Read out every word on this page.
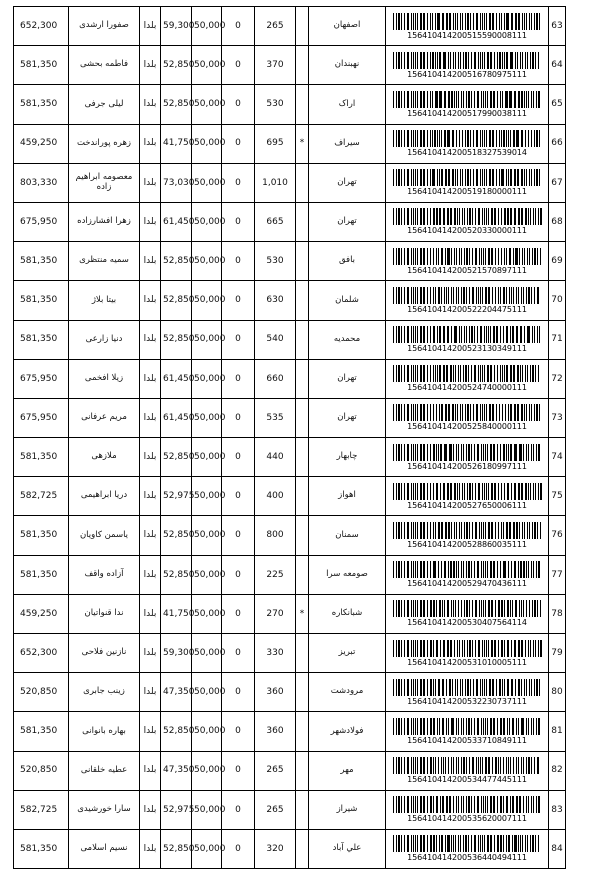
652,300	صفورا ارشدی	بلدا	59,300	50,000	0	265		اصفهان	156410414200515590008111	63
581,350	فاطمه بحشی	بلدا	52,850	50,000	0	370		نهبندان	156410414200516780975111	64
581,350	لیلی جرفی	بلدا	52,850	50,000	0	530		اراک	156410414200517990038111	65
459,250	زهره پوراندخت	بلدا	41,750	50,000	0	695	*	سیراف	156410414200518327539014	66
803,330	معصومه ابراهیم زاده	بلدا	73,030	50,000	0	1,010		تهران	156410414200519180000111	67
675,950	زهرا افشارزاده	بلدا	61,450	50,000	0	665		تهران	156410414200520330000111	68
581,350	سمیه منتظری	بلدا	52,850	50,000	0	530		بافق	156410414200521570897111	69
581,350	بیتا بلاژ	بلدا	52,850	50,000	0	630		شلمان	156410414200522204475111	70
581,350	دنیا زارعی	بلدا	52,850	50,000	0	540		محمدیه	156410414200523130349111	71
675,950	زیلا افخمی	بلدا	61,450	50,000	0	660		تهران	156410414200524740000111	72
675,950	مریم عرفانی	بلدا	61,450	50,000	0	535		تهران	156410414200525840000111	73
581,350	ملازهی	بلدا	52,850	50,000	0	440		چابهار	156410414200526180997111	74
582,725	دریا ابراهیمی	بلدا	52,975	50,000	0	400		اهواز	156410414200527650006111	75
581,350	یاسمن کاویان	بلدا	52,850	50,000	0	800		سمنان	156410414200528860035111	76
581,350	آزاده واقف	بلدا	52,850	50,000	0	225		صومعه سرا	156410414200529470436111	77
459,250	ندا قنواتیان	بلدا	41,750	50,000	0	270	*	شبانکاره	156410414200530407564114	78
652,300	نازنین فلاحی	بلدا	59,300	50,000	0	330		تبریز	156410414200531010005111	79
520,850	زینب جابری	بلدا	47,350	50,000	0	360		مرودشت	156410414200532230737111	80
581,350	بهاره بانوانی	بلدا	52,850	50,000	0	360		فولادشهر	156410414200533710849111	81
520,850	عطیه خلقانی	بلدا	47,350	50,000	0	265		مهر	156410414200534477445111	82
582,725	سارا خورشیدی	بلدا	52,975	50,000	0	265		شیراز	156410414200535620007111	83
581,350	نسیم اسلامی	بلدا	52,850	50,000	0	320		علي آباد	156410414200536440494111	84
